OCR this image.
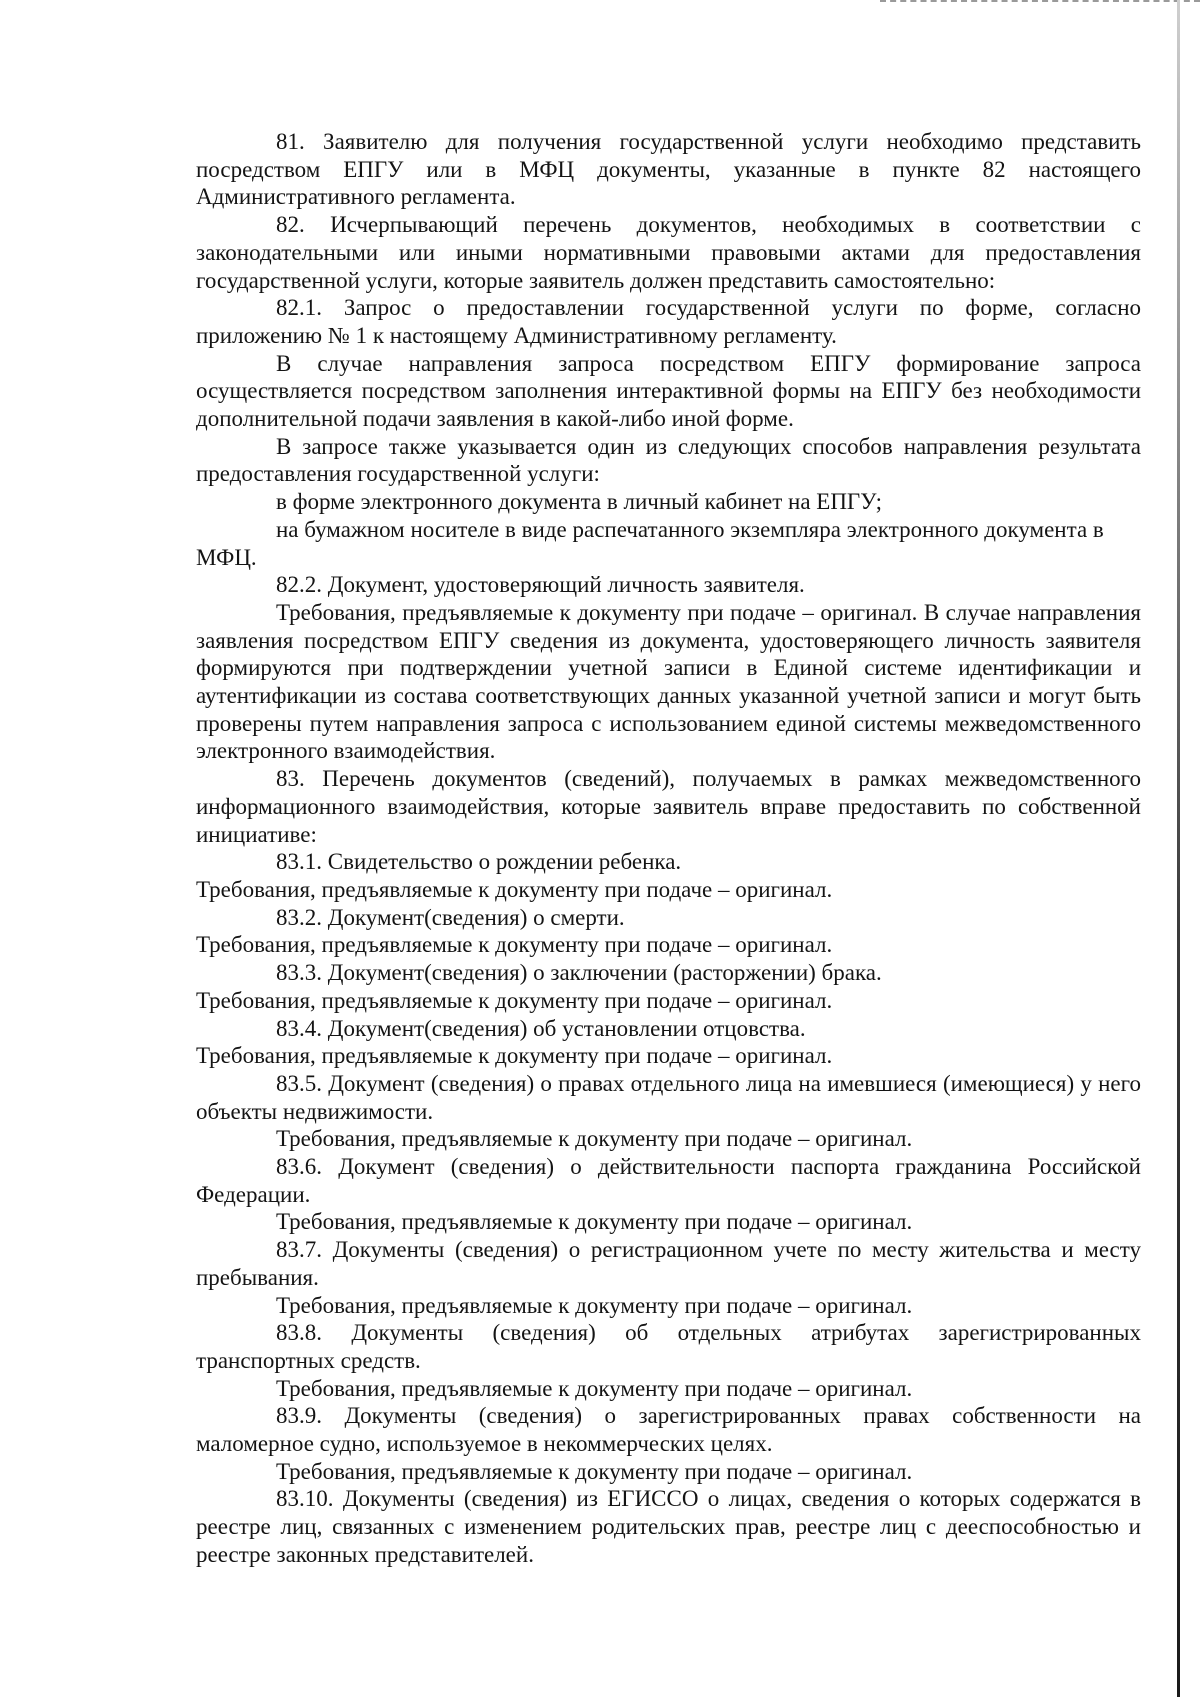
81. Заявителю для получения государственной услуги необходимо представить посредством ЕПГУ или в МФЦ документы, указанные в пункте 82 настоящего Административного регламента.

82. Исчерпывающий перечень документов, необходимых в соответствии с законодательными или иными нормативными правовыми актами для предоставления государственной услуги, которые заявитель должен представить самостоятельно:

82.1. Запрос о предоставлении государственной услуги по форме, согласно приложению № 1 к настоящему Административному регламенту.

В случае направления запроса посредством ЕПГУ формирование запроса осуществляется посредством заполнения интерактивной формы на ЕПГУ без необходимости дополнительной подачи заявления в какой-либо иной форме.

В запросе также указывается один из следующих способов направления результата предоставления государственной услуги:

в форме электронного документа в личный кабинет на ЕПГУ;

на бумажном носителе в виде распечатанного экземпляра электронного документа в МФЦ.

82.2. Документ, удостоверяющий личность заявителя.

Требования, предъявляемые к документу при подаче – оригинал. В случае направления заявления посредством ЕПГУ сведения из документа, удостоверяющего личность заявителя формируются при подтверждении учетной записи в Единой системе идентификации и аутентификации из состава соответствующих данных указанной учетной записи и могут быть проверены путем направления запроса с использованием единой системы межведомственного электронного взаимодействия.

83. Перечень документов (сведений), получаемых в рамках межведомственного информационного взаимодействия, которые заявитель вправе предоставить по собственной инициативе:

83.1. Свидетельство о рождении ребенка.

Требования, предъявляемые к документу при подаче – оригинал.

83.2. Документ(сведения) о смерти.

Требования, предъявляемые к документу при подаче – оригинал.

83.3. Документ(сведения) о заключении (расторжении) брака.

Требования, предъявляемые к документу при подаче – оригинал.

83.4. Документ(сведения) об установлении отцовства.

Требования, предъявляемые к документу при подаче – оригинал.

83.5. Документ (сведения) о правах отдельного лица на имевшиеся (имеющиеся) у него объекты недвижимости.

Требования, предъявляемые к документу при подаче – оригинал.

83.6. Документ (сведения) о действительности паспорта гражданина Российской Федерации.

Требования, предъявляемые к документу при подаче – оригинал.

83.7. Документы (сведения) о регистрационном учете по месту жительства и месту пребывания.

Требования, предъявляемые к документу при подаче – оригинал.

83.8. Документы (сведения) об отдельных атрибутах зарегистрированных транспортных средств.

Требования, предъявляемые к документу при подаче – оригинал.

83.9. Документы (сведения) о зарегистрированных правах собственности на маломерное судно, используемое в некоммерческих целях.

Требования, предъявляемые к документу при подаче – оригинал.

83.10. Документы (сведения) из ЕГИССО о лицах, сведения о которых содержатся в реестре лиц, связанных с изменением родительских прав, реестре лиц с дееспособностью и реестре законных представителей.
